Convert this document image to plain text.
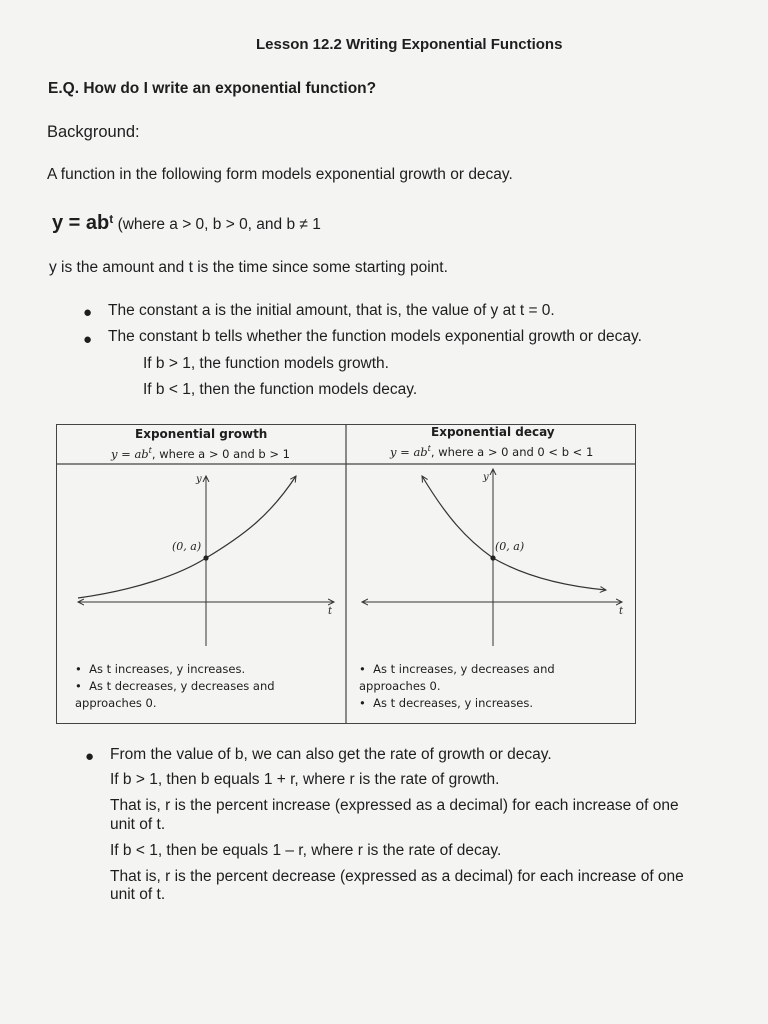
Lesson 12.2 Writing Exponential Functions
E.Q. How do I write an exponential function?
Background:
A function in the following form models exponential growth or decay.
$y = ab^t$ (where a > 0, b > 0, and b ≠ 1
y is the amount and t is the time since some starting point.
● The constant a is the initial amount, that is, the value of y at t = 0.
● The constant b tells whether the function models exponential growth or decay.
If b > 1, the function models growth.
If b < 1, then the function models decay.
(0, a)
y
t
(0, a)
y
t
Exponential growth
$y = ab^t$, where a > 0 and b > 1
Exponential decay
$y = ab^t$, where a > 0 and 0 < b < 1
•  As t increases, y increases.
•  As t decreases, y decreases and
approaches 0.
•  As t increases, y decreases and
approaches 0.
•  As t decreases, y increases.
● From the value of b, we can also get the rate of growth or decay.
If b > 1, then b equals 1 + r, where r is the rate of growth.
That is, r is the percent increase (expressed as a decimal) for each increase of one
unit of t.
If b < 1, then be equals 1 – r, where r is the rate of decay.
That is, r is the percent decrease (expressed as a decimal) for each increase of one
unit of t.
